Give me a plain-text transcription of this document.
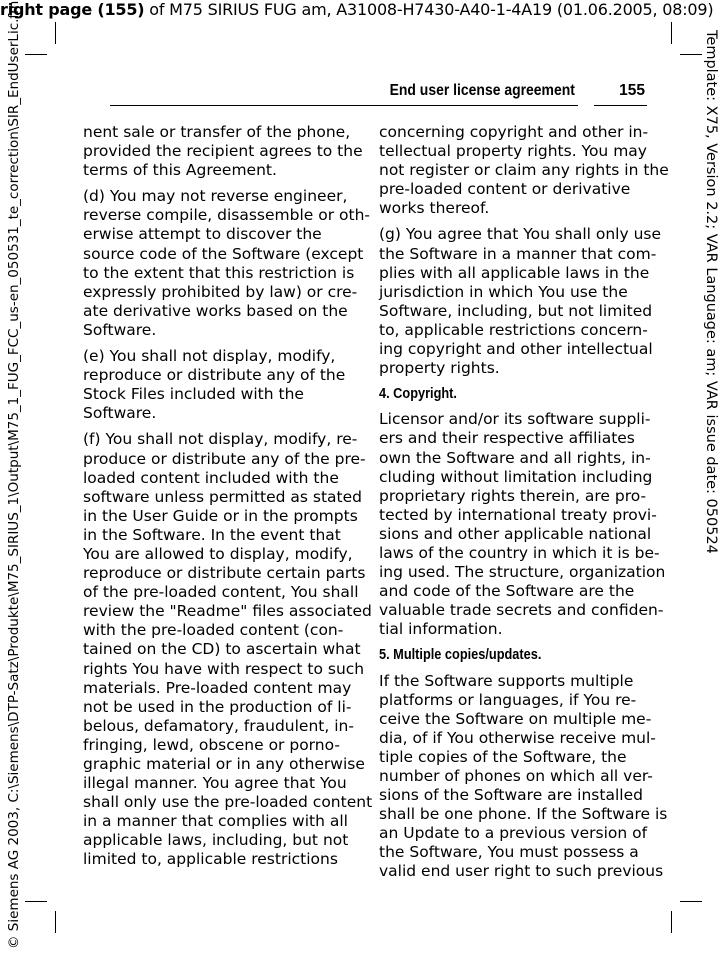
right page (155) of M75 SIRIUS FUG am, A31008-H7430-A40-1-4A19 (01.06.2005, 08:09)
Template: X75, Version 2.2; VAR Language: am; VAR issue date: 050524
© Siemens AG 2003, C:\Siemens\DTP-Satz\Produkte\M75_SIRIUS_1\Output\M75_1_FUG_FCC_us-en_050531_te_correction\SIR_EndUserLic.fm	End user license agreement	155
nent sale or transfer of the phone,
provided the recipient agrees to the
terms of this Agreement.
(d) You may not reverse engineer,
reverse compile, disassemble or oth-
erwise attempt to discover the
source code of the Software (except
to the extent that this restriction is
expressly prohibited by law) or cre-
ate derivative works based on the
Software.
(e) You shall not display, modify,
reproduce or distribute any of the
Stock Files included with the
Software.
(f) You shall not display, modify, re-
produce or distribute any of the pre-
loaded content included with the
software unless permitted as stated
in the User Guide or in the prompts
in the Software. In the event that
You are allowed to display, modify,
reproduce or distribute certain parts
of the pre-loaded content, You shall
review the "Readme" files associated
with the pre-loaded content (con-
tained on the CD) to ascertain what
rights You have with respect to such
materials. Pre-loaded content may
not be used in the production of li-
belous, defamatory, fraudulent, in-
fringing, lewd, obscene or porno-
graphic material or in any otherwise
illegal manner. You agree that You
shall only use the pre-loaded content
in a manner that complies with all
applicable laws, including, but not
limited to, applicable restrictions
concerning copyright and other in-
tellectual property rights. You may
not register or claim any rights in the
pre-loaded content or derivative
works thereof.
(g) You agree that You shall only use
the Software in a manner that com-
plies with all applicable laws in the
jurisdiction in which You use the
Software, including, but not limited
to, applicable restrictions concern-
ing copyright and other intellectual
property rights.
4. Copyright.
Licensor and/or its software suppli-
ers and their respective affiliates
own the Software and all rights, in-
cluding without limitation including
proprietary rights therein, are pro-
tected by international treaty provi-
sions and other applicable national
laws of the country in which it is be-
ing used. The structure, organization
and code of the Software are the
valuable trade secrets and confiden-
tial information.
5. Multiple copies/updates.
If the Software supports multiple
platforms or languages, if You re-
ceive the Software on multiple me-
dia, of if You otherwise receive mul-
tiple copies of the Software, the
number of phones on which all ver-
sions of the Software are installed
shall be one phone. If the Software is
an Update to a previous version of
the Software, You must possess a
valid end user right to such previous
